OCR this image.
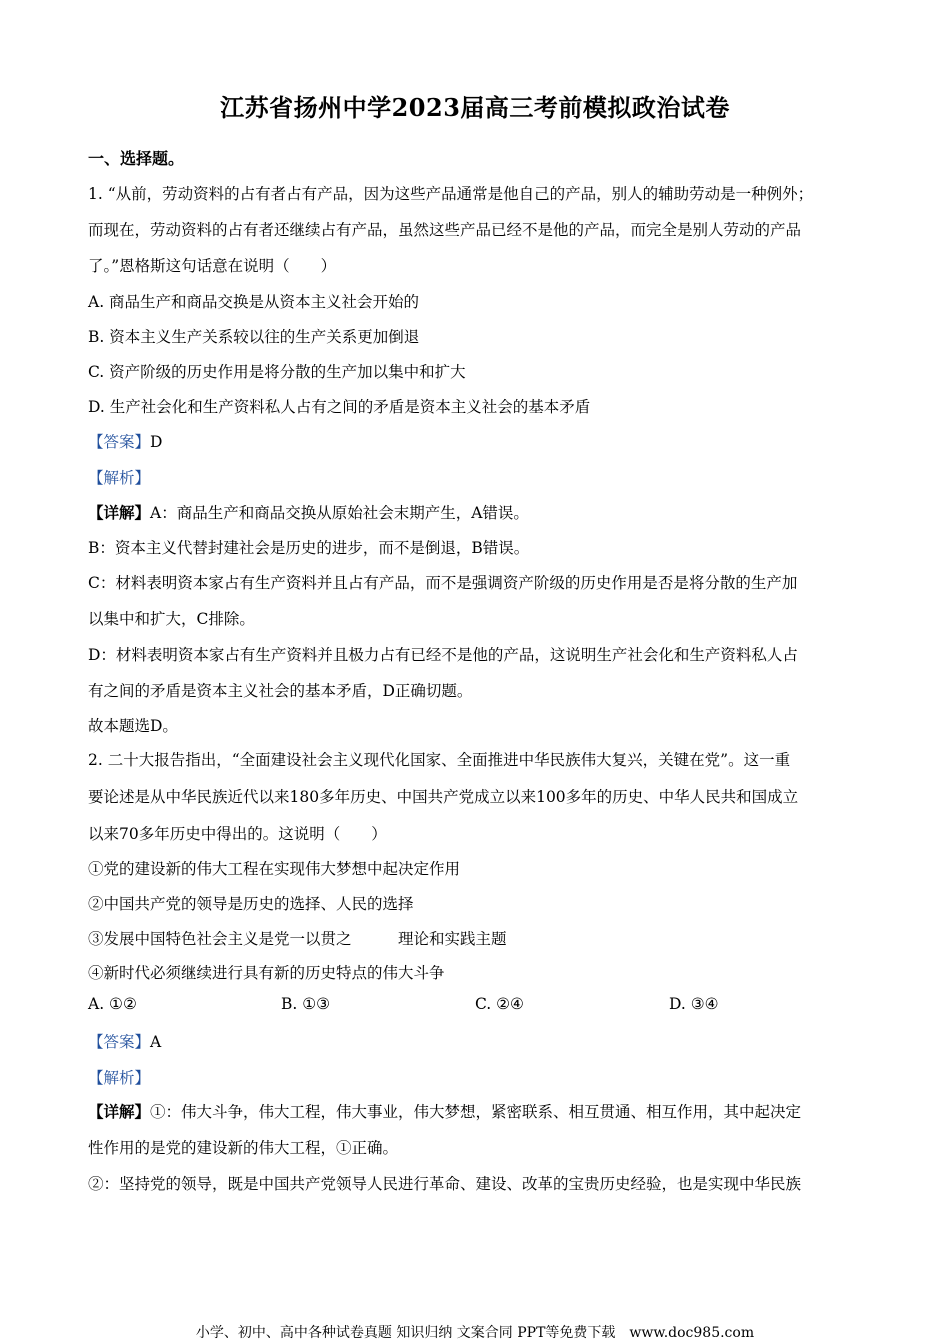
江苏省扬州中学2023届高三考前模拟政治试卷
一、选择题。
1. “从前，劳动资料的占有者占有产品，因为这些产品通常是他自己的产品，别人的辅助劳动是一种例外；
而现在，劳动资料的占有者还继续占有产品，虽然这些产品已经不是他的产品，而完全是别人劳动的产品
了。”恩格斯这句话意在说明（　　）
A. 商品生产和商品交换是从资本主义社会开始的
B. 资本主义生产关系较以往的生产关系更加倒退
C. 资产阶级的历史作用是将分散的生产加以集中和扩大
D. 生产社会化和生产资料私人占有之间的矛盾是资本主义社会的基本矛盾
【答案】D
【解析】
【详解】A：商品生产和商品交换从原始社会末期产生，A错误。
B：资本主义代替封建社会是历史的进步，而不是倒退，B错误。
C：材料表明资本家占有生产资料并且占有产品，而不是强调资产阶级的历史作用是否是将分散的生产加
以集中和扩大，C排除。
D：材料表明资本家占有生产资料并且极力占有已经不是他的产品，这说明生产社会化和生产资料私人占
有之间的矛盾是资本主义社会的基本矛盾，D正确切题。
故本题选D。
2. 二十大报告指出，“全面建设社会主义现代化国家、全面推进中华民族伟大复兴，关键在党”。这一重
要论述是从中华民族近代以来180多年历史、中国共产党成立以来100多年的历史、中华人民共和国成立
以来70多年历史中得出的。这说明（　　）
①党的建设新的伟大工程在实现伟大梦想中起决定作用
②中国共产党的领导是历史的选择、人民的选择
③发展中国特色社会主义是党一以贯之　　　理论和实践主题
④新时代必须继续进行具有新的历史特点的伟大斗争
A. ①②	B. ①③	C. ②④	D. ③④
【答案】A
【解析】
【详解】①：伟大斗争，伟大工程，伟大事业，伟大梦想，紧密联系、相互贯通、相互作用，其中起决定
性作用的是党的建设新的伟大工程，①正确。
②：坚持党的领导，既是中国共产党领导人民进行革命、建设、改革的宝贵历史经验，也是实现中华民族
小学、初中、高中各种试卷真题 知识归纳 文案合同 PPT等免费下载　www.doc985.com
